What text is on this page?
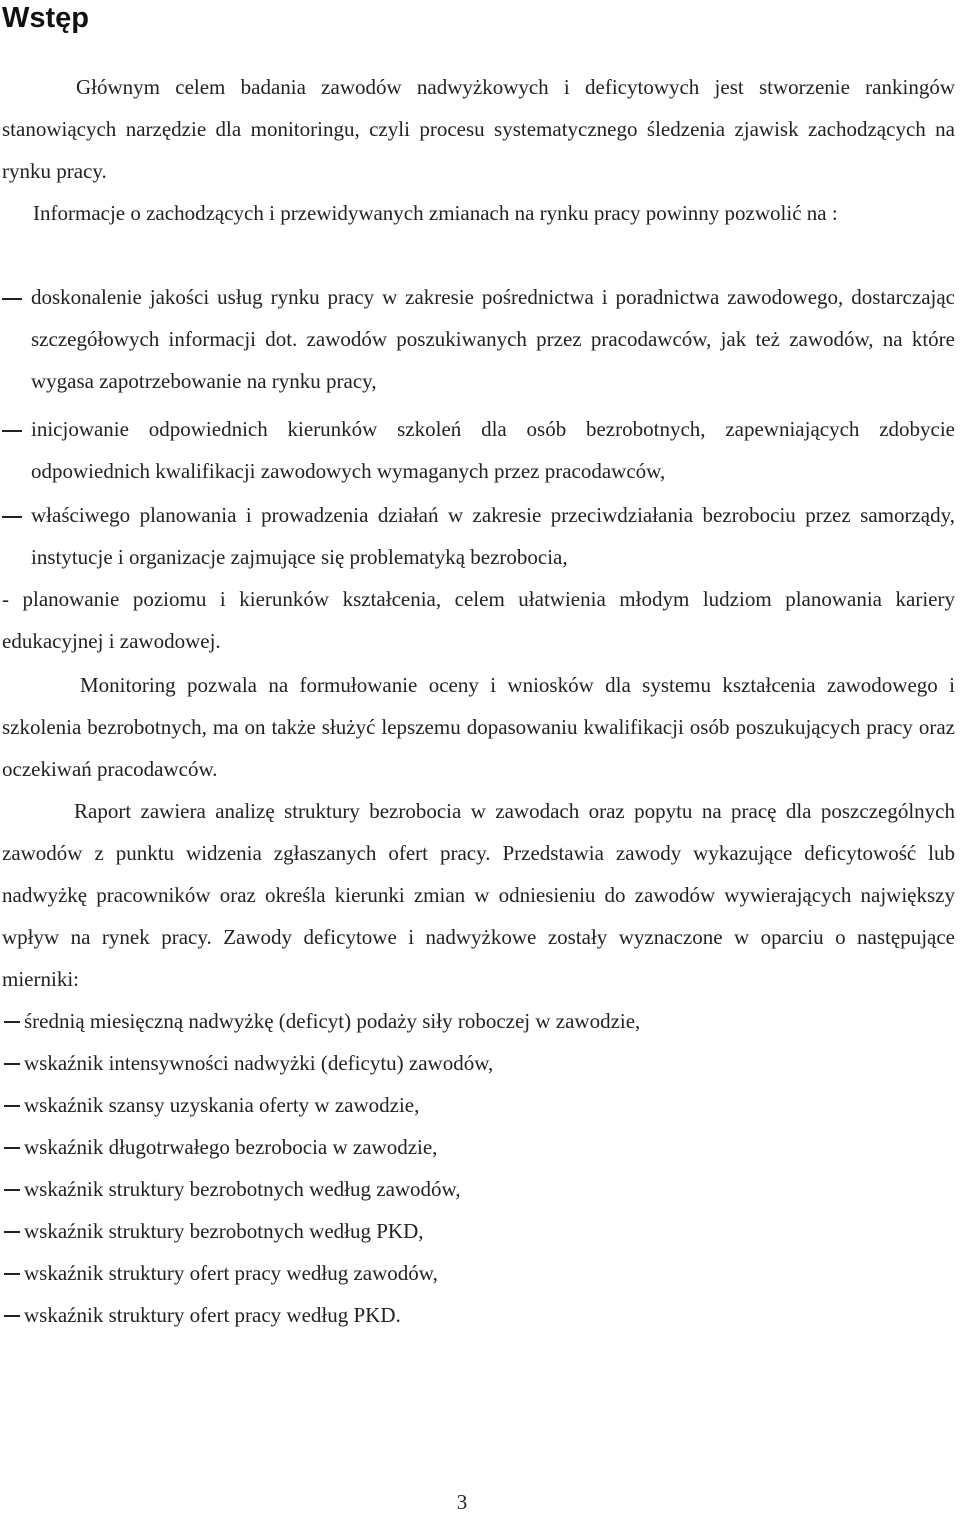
Wstęp

Głównym celem badania zawodów nadwyżkowych i deficytowych jest stworzenie rankingów stanowiących narzędzie dla monitoringu, czyli procesu systematycznego śledzenia zjawisk zachodzących na rynku pracy.

Informacje o zachodzących i przewidywanych zmianach na rynku pracy powinny pozwolić na :

doskonalenie jakości usług rynku pracy w zakresie pośrednictwa i poradnictwa zawodowego, dostarczając szczegółowych informacji dot. zawodów poszukiwanych przez pracodawców, jak też zawodów, na które wygasa zapotrzebowanie na rynku pracy,

inicjowanie odpowiednich kierunków szkoleń dla osób bezrobotnych, zapewniających zdobycie odpowiednich kwalifikacji zawodowych wymaganych przez pracodawców,

właściwego planowania i prowadzenia działań w zakresie przeciwdziałania bezrobociu przez samorządy, instytucje i organizacje zajmujące się problematyką bezrobocia,

- planowanie poziomu i kierunków kształcenia, celem ułatwienia młodym ludziom planowania kariery edukacyjnej i zawodowej.

Monitoring pozwala na formułowanie oceny i wniosków dla systemu kształcenia zawodowego i szkolenia bezrobotnych, ma on także służyć lepszemu dopasowaniu kwalifikacji osób poszukujących pracy oraz oczekiwań pracodawców.

Raport zawiera analizę struktury bezrobocia w zawodach oraz popytu na pracę dla poszczególnych zawodów z punktu widzenia zgłaszanych ofert pracy. Przedstawia zawody wykazujące deficytowość lub nadwyżkę pracowników oraz określa kierunki zmian w odniesieniu do zawodów wywierających największy wpływ na rynek pracy. Zawody deficytowe i nadwyżkowe zostały wyznaczone w oparciu o następujące mierniki:

średnią miesięczną nadwyżkę (deficyt) podaży siły roboczej w zawodzie,
wskaźnik intensywności nadwyżki (deficytu) zawodów,
wskaźnik szansy uzyskania oferty w zawodzie,
wskaźnik długotrwałego bezrobocia w zawodzie,
wskaźnik struktury bezrobotnych według zawodów,
wskaźnik struktury bezrobotnych według PKD,
wskaźnik struktury ofert pracy według zawodów,
wskaźnik struktury ofert pracy według PKD.
3
